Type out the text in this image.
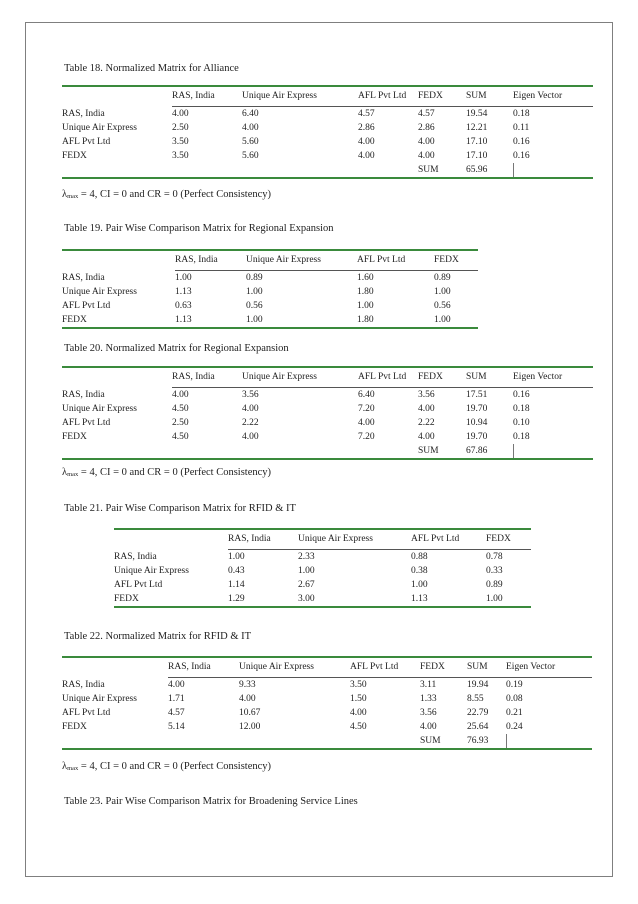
Table 18. Normalized Matrix for Alliance
	RAS, India	Unique Air Express	AFL Pvt Ltd	FEDX	SUM	Eigen Vector
RAS, India	4.00	6.40	4.57	4.57	19.54	0.18
Unique Air Express	2.50	4.00	2.86	2.86	12.21	0.11
AFL Pvt Ltd	3.50	5.60	4.00	4.00	17.10	0.16
FEDX	3.50	5.60	4.00	4.00	17.10	0.16
				SUM	65.96	
$\lambda_{max} = 4$, CI = 0 and CR = 0 (Perfect Consistency)
Table 19. Pair Wise Comparison Matrix for Regional Expansion
	RAS, India	Unique Air Express	AFL Pvt Ltd	FEDX
RAS, India	1.00	0.89	1.60	0.89
Unique Air Express	1.13	1.00	1.80	1.00
AFL Pvt Ltd	0.63	0.56	1.00	0.56
FEDX	1.13	1.00	1.80	1.00
Table 20. Normalized Matrix for Regional Expansion
	RAS, India	Unique Air Express	AFL Pvt Ltd	FEDX	SUM	Eigen Vector
RAS, India	4.00	3.56	6.40	3.56	17.51	0.16
Unique Air Express	4.50	4.00	7.20	4.00	19.70	0.18
AFL Pvt Ltd	2.50	2.22	4.00	2.22	10.94	0.10
FEDX	4.50	4.00	7.20	4.00	19.70	0.18
				SUM	67.86	
$\lambda_{max} = 4$, CI = 0 and CR = 0 (Perfect Consistency)
Table 21. Pair Wise Comparison Matrix for RFID & IT
	RAS, India	Unique Air Express	AFL Pvt Ltd	FEDX
RAS, India	1.00	2.33	0.88	0.78
Unique Air Express	0.43	1.00	0.38	0.33
AFL Pvt Ltd	1.14	2.67	1.00	0.89
FEDX	1.29	3.00	1.13	1.00
Table 22. Normalized Matrix for RFID & IT
	RAS, India	Unique Air Express	AFL Pvt Ltd	FEDX	SUM	Eigen Vector
RAS, India	4.00	9.33	3.50	3.11	19.94	0.19
Unique Air Express	1.71	4.00	1.50	1.33	8.55	0.08
AFL Pvt Ltd	4.57	10.67	4.00	3.56	22.79	0.21
FEDX	5.14	12.00	4.50	4.00	25.64	0.24
				SUM	76.93	
$\lambda_{max} = 4$, CI = 0 and CR = 0 (Perfect Consistency)
Table 23. Pair Wise Comparison Matrix for Broadening Service Lines
